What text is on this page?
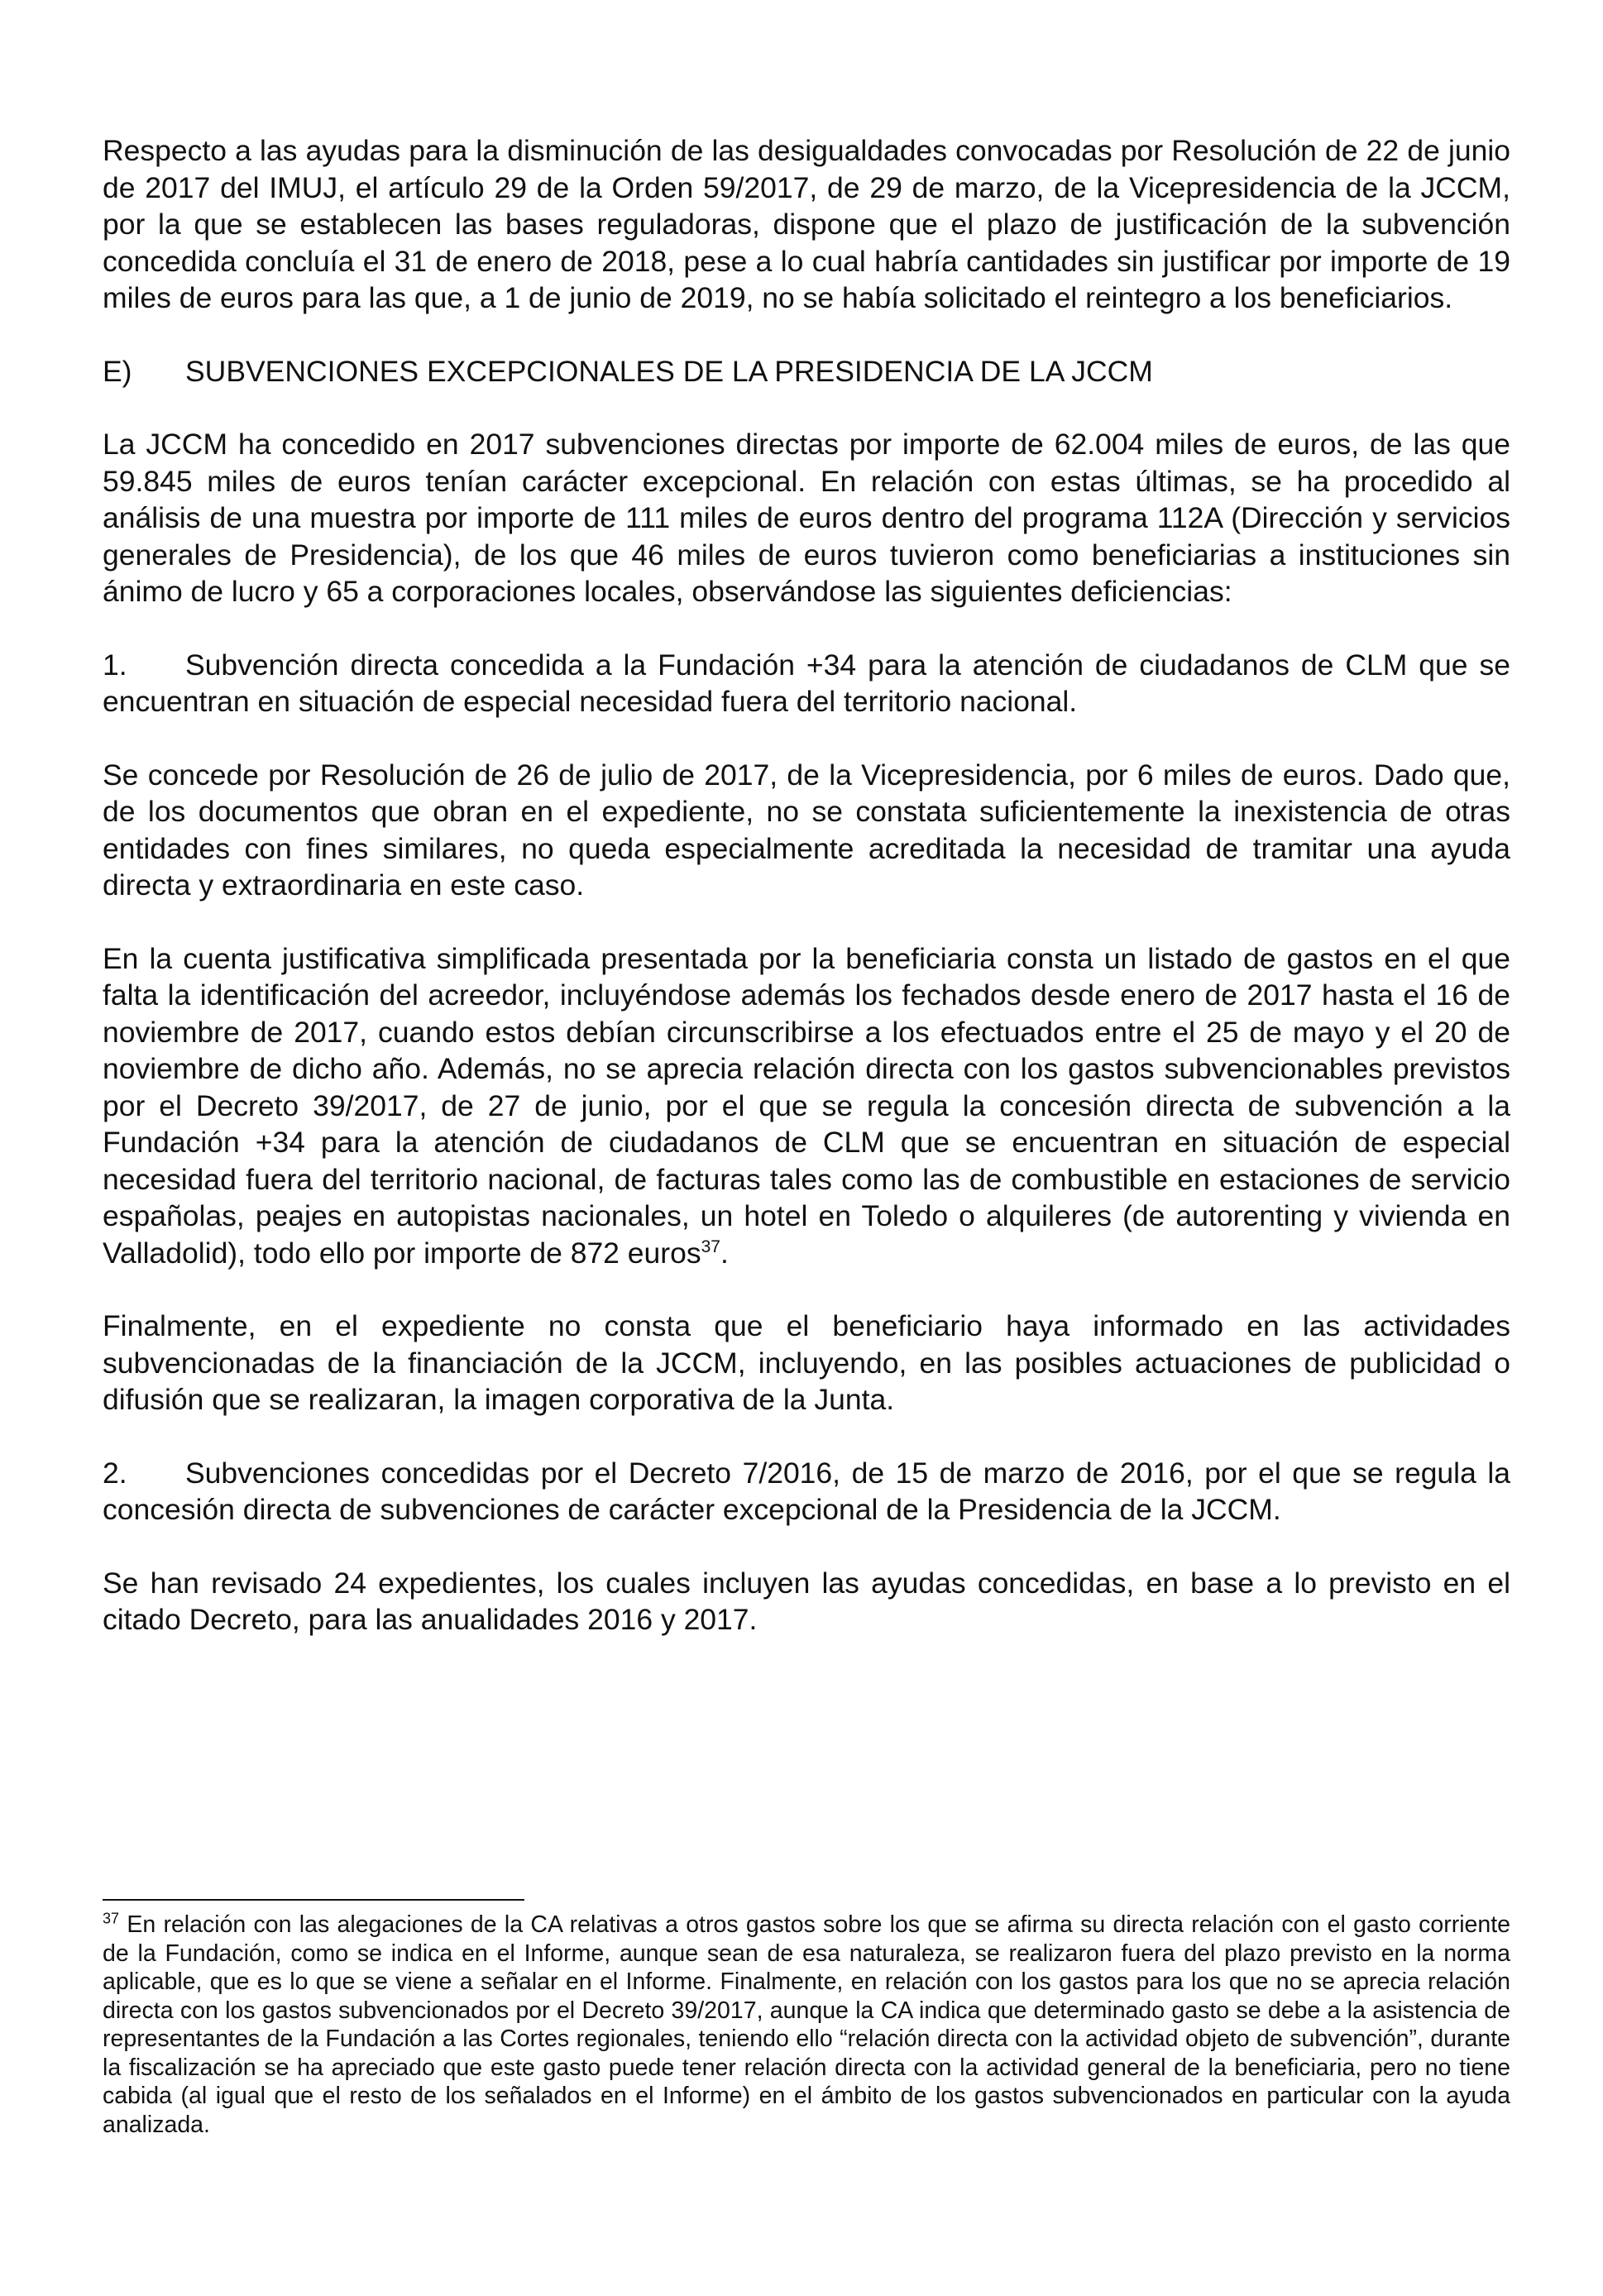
Respecto a las ayudas para la disminución de las desigualdades convocadas por Resolución de 22 de junio de 2017 del IMUJ, el artículo 29 de la Orden 59/2017, de 29 de marzo, de la Vicepresidencia de la JCCM, por la que se establecen las bases reguladoras, dispone que el plazo de justificación de la subvención concedida concluía el 31 de enero de 2018, pese a lo cual habría cantidades sin justificar por importe de 19 miles de euros para las que, a 1 de junio de 2019, no se había solicitado el reintegro a los beneficiarios.

E)	SUBVENCIONES EXCEPCIONALES DE LA PRESIDENCIA DE LA JCCM

La JCCM ha concedido en 2017 subvenciones directas por importe de 62.004 miles de euros, de las que 59.845 miles de euros tenían carácter excepcional. En relación con estas últimas, se ha procedido al análisis de una muestra por importe de 111 miles de euros dentro del programa 112A (Dirección y servicios generales de Presidencia), de los que 46 miles de euros tuvieron como beneficiarias a instituciones sin ánimo de lucro y 65 a corporaciones locales, observándose las siguientes deficiencias:

1. Subvención directa concedida a la Fundación +34 para la atención de ciudadanos de CLM que se encuentran en situación de especial necesidad fuera del territorio nacional.

Se concede por Resolución de 26 de julio de 2017, de la Vicepresidencia, por 6 miles de euros. Dado que, de los documentos que obran en el expediente, no se constata suficientemente la inexistencia de otras entidades con fines similares, no queda especialmente acreditada la necesidad de tramitar una ayuda directa y extraordinaria en este caso.

En la cuenta justificativa simplificada presentada por la beneficiaria consta un listado de gastos en el que falta la identificación del acreedor, incluyéndose además los fechados desde enero de 2017 hasta el 16 de noviembre de 2017, cuando estos debían circunscribirse a los efectuados entre el 25 de mayo y el 20 de noviembre de dicho año. Además, no se aprecia relación directa con los gastos subvencionables previstos por el Decreto 39/2017, de 27 de junio, por el que se regula la concesión directa de subvención a la Fundación +34 para la atención de ciudadanos de CLM que se encuentran en situación de especial necesidad fuera del territorio nacional, de facturas tales como las de combustible en estaciones de servicio españolas, peajes en autopistas nacionales, un hotel en Toledo o alquileres (de autorenting y vivienda en Valladolid), todo ello por importe de 872 euros$^{37}$.

Finalmente, en el expediente no consta que el beneficiario haya informado en las actividades subvencionadas de la financiación de la JCCM, incluyendo, en las posibles actuaciones de publicidad o difusión que se realizaran, la imagen corporativa de la Junta.

2. Subvenciones concedidas por el Decreto 7/2016, de 15 de marzo de 2016, por el que se regula la concesión directa de subvenciones de carácter excepcional de la Presidencia de la JCCM.

Se han revisado 24 expedientes, los cuales incluyen las ayudas concedidas, en base a lo previsto en el citado Decreto, para las anualidades 2016 y 2017.

$^{37}$ En relación con las alegaciones de la CA relativas a otros gastos sobre los que se afirma su directa relación con el gasto corriente de la Fundación, como se indica en el Informe, aunque sean de esa naturaleza, se realizaron fuera del plazo previsto en la norma aplicable, que es lo que se viene a señalar en el Informe. Finalmente, en relación con los gastos para los que no se aprecia relación directa con los gastos subvencionados por el Decreto 39/2017, aunque la CA indica que determinado gasto se debe a la asistencia de representantes de la Fundación a las Cortes regionales, teniendo ello “relación directa con la actividad objeto de subvención”, durante la fiscalización se ha apreciado que este gasto puede tener relación directa con la actividad general de la beneficiaria, pero no tiene cabida (al igual que el resto de los señalados en el Informe) en el ámbito de los gastos subvencionados en particular con la ayuda analizada.
